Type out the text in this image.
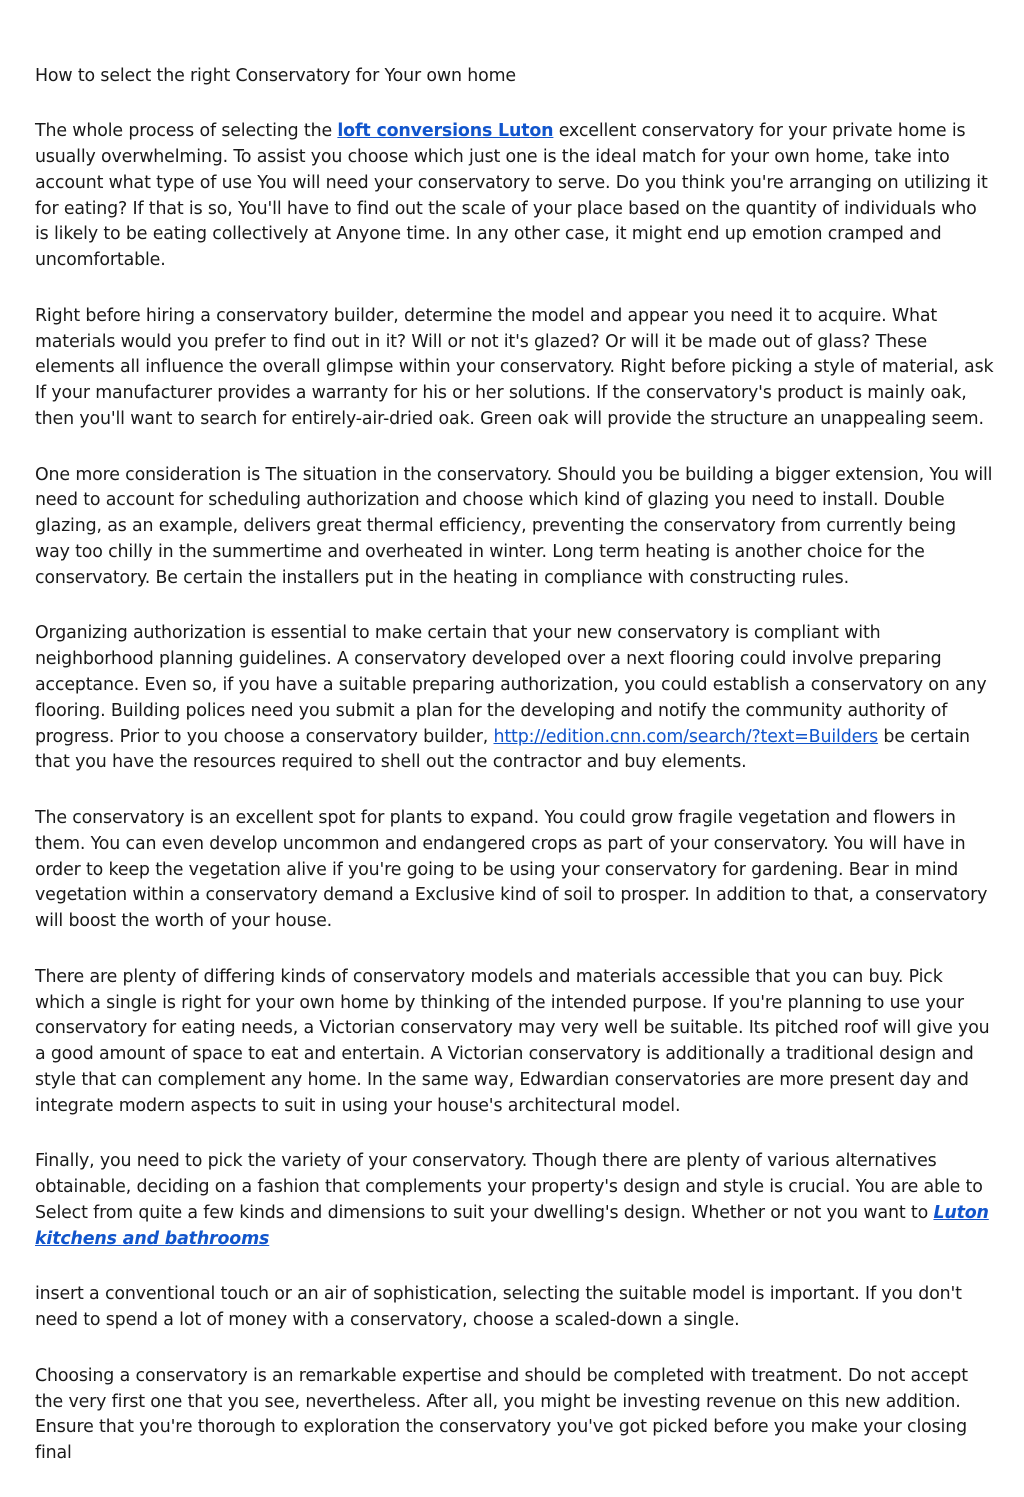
How to select the right Conservatory for Your own home

The whole process of selecting the loft conversions Luton excellent conservatory for your private home is usually overwhelming. To assist you choose which just one is the ideal match for your own home, take into account what type of use You will need your conservatory to serve. Do you think you're arranging on utilizing it for eating? If that is so, You'll have to find out the scale of your place based on the quantity of individuals who is likely to be eating collectively at Anyone time. In any other case, it might end up emotion cramped and uncomfortable.

Right before hiring a conservatory builder, determine the model and appear you need it to acquire. What materials would you prefer to find out in it? Will or not it's glazed? Or will it be made out of glass? These elements all influence the overall glimpse within your conservatory. Right before picking a style of material, ask If your manufacturer provides a warranty for his or her solutions. If the conservatory's product is mainly oak, then you'll want to search for entirely-air-dried oak. Green oak will provide the structure an unappealing seem.

One more consideration is The situation in the conservatory. Should you be building a bigger extension, You will need to account for scheduling authorization and choose which kind of glazing you need to install. Double glazing, as an example, delivers great thermal efficiency, preventing the conservatory from currently being way too chilly in the summertime and overheated in winter. Long term heating is another choice for the conservatory. Be certain the installers put in the heating in compliance with constructing rules.

Organizing authorization is essential to make certain that your new conservatory is compliant with neighborhood planning guidelines. A conservatory developed over a next flooring could involve preparing acceptance. Even so, if you have a suitable preparing authorization, you could establish a conservatory on any flooring. Building polices need you submit a plan for the developing and notify the community authority of progress. Prior to you choose a conservatory builder, http://edition.cnn.com/search/?text=Builders be certain that you have the resources required to shell out the contractor and buy elements.

The conservatory is an excellent spot for plants to expand. You could grow fragile vegetation and flowers in them. You can even develop uncommon and endangered crops as part of your conservatory. You will have in order to keep the vegetation alive if you're going to be using your conservatory for gardening. Bear in mind vegetation within a conservatory demand a Exclusive kind of soil to prosper. In addition to that, a conservatory will boost the worth of your house.

There are plenty of differing kinds of conservatory models and materials accessible that you can buy. Pick which a single is right for your own home by thinking of the intended purpose. If you're planning to use your conservatory for eating needs, a Victorian conservatory may very well be suitable. Its pitched roof will give you a good amount of space to eat and entertain. A Victorian conservatory is additionally a traditional design and style that can complement any home. In the same way, Edwardian conservatories are more present day and integrate modern aspects to suit in using your house's architectural model.

Finally, you need to pick the variety of your conservatory. Though there are plenty of various alternatives obtainable, deciding on a fashion that complements your property's design and style is crucial. You are able to Select from quite a few kinds and dimensions to suit your dwelling's design. Whether or not you want to Luton kitchens and bathrooms

insert a conventional touch or an air of sophistication, selecting the suitable model is important. If you don't need to spend a lot of money with a conservatory, choose a scaled-down a single.

Choosing a conservatory is an remarkable expertise and should be completed with treatment. Do not accept the very first one that you see, nevertheless. After all, you might be investing revenue on this new addition. Ensure that you're thorough to exploration the conservatory you've got picked before you make your closing final
